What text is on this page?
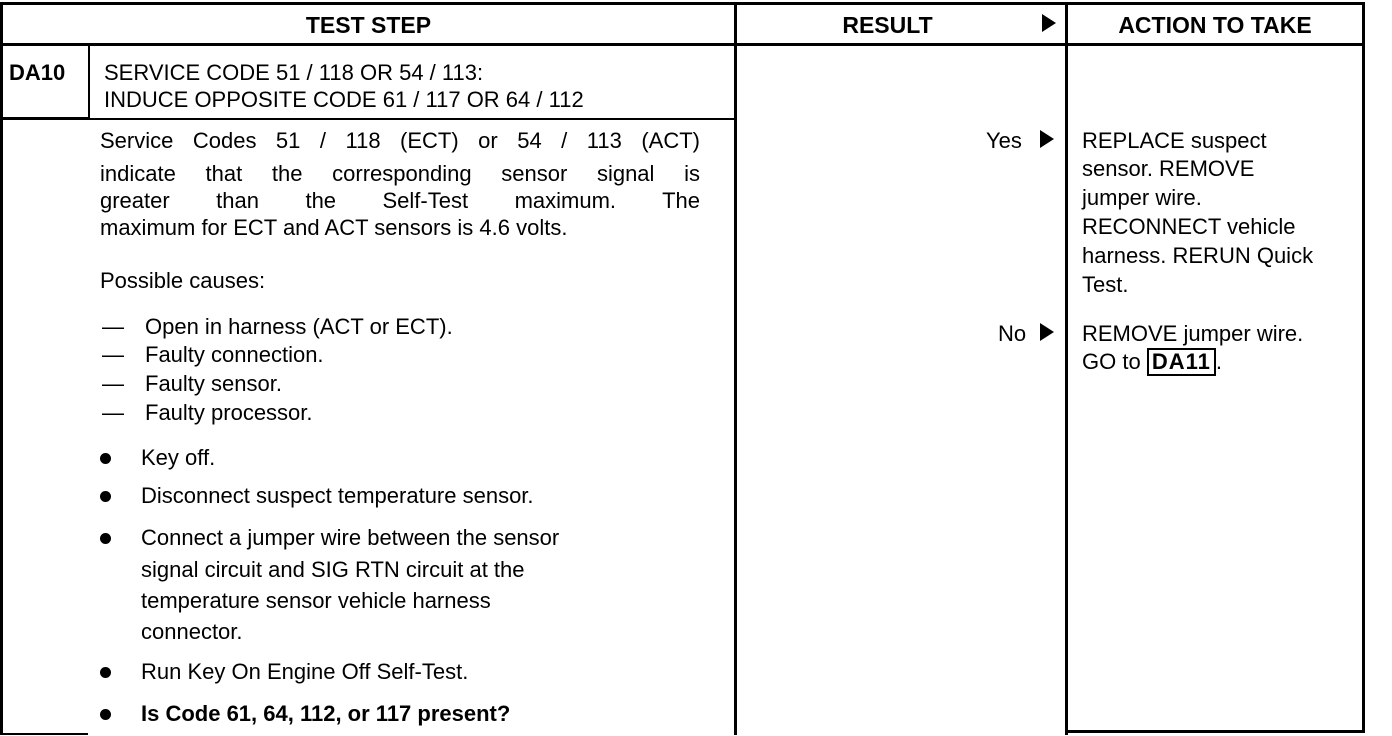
TEST STEP	RESULT	ACTION TO TAKE
DA10 SERVICE CODE 51 / 118 OR 54 / 113:
INDUCE OPPOSITE CODE 61 / 117 OR 64 / 112
Service Codes 51 / 118 (ECT) or 54 / 113 (ACT)
indicate that the corresponding sensor signal is
greater than the Self-Test maximum. The
maximum for ECT and ACT sensors is 4.6 volts.
Possible causes:
— Open in harness (ACT or ECT).
— Faulty connection.
— Faulty sensor.
— Faulty processor.
Key off.
Disconnect suspect temperature sensor.
Connect a jumper wire between the sensor
signal circuit and SIG RTN circuit at the
temperature sensor vehicle harness
connector.
Run Key On Engine Off Self-Test.
Is Code 61, 64, 112, or 117 present?
Yes
No
REPLACE suspect
sensor. REMOVE
jumper wire.
RECONNECT vehicle
harness. RERUN Quick
Test.
REMOVE jumper wire.
GO to DA11 .
